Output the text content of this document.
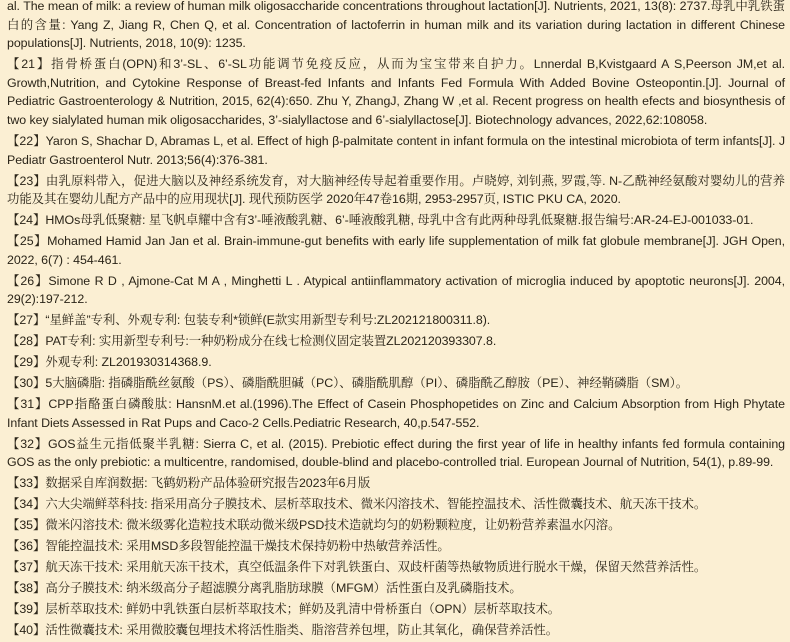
al. The mean of milk: a review of human milk oligosaccharide concentrations throughout lactation[J]. Nutrients, 2021, 13(8): 2737.母乳中乳铁蛋白的含量: Yang Z, Jiang R, Chen Q, et al. Concentration of lactoferrin in human milk and its variation during lactation in different Chinese populations[J]. Nutrients, 2018, 10(9): 1235.
【21】指骨桥蛋白(OPN)和3’-SL、6’-SL功能调节免疫反应，从而为宝宝带来自护力。Lnnerdal B,Kvistgaard A S,Peerson JM,et al. Growth,Nutrition, and Cytokine Response of Breast-fed Infants and Infants Fed Formula With Added Bovine Osteopontin.[J]. Journal of Pediatric Gastroenterology & Nutrition, 2015, 62(4):650. Zhu Y, ZhangJ, Zhang W ,et al. Recent progress on health efects and biosynthesis of two key sialylated human mik oligosaccharides, 3’-sialyllactose and 6’-sialyllactose[J]. Biotechnology advances, 2022,62:108058.
【22】Yaron S, Shachar D, Abramas L, et al. Effect of high β-palmitate content in infant formula on the intestinal microbiota of term infants[J]. J Pediatr Gastroenterol Nutr. 2013;56(4):376-381.
【23】由乳原料带入，促进大脑以及神经系统发育，对大脑神经传导起着重要作用。卢晓婷, 刘钊燕, 罗霞,等. N-乙酰神经氨酸对婴幼儿的营养功能及其在婴幼儿配方产品中的应用现状[J]. 现代预防医学 2020年47卷16期, 2953-2957页, ISTIC PKU CA, 2020.
【24】HMOs母乳低聚糖: 星飞帆卓耀中含有3’-唾液酸乳糖、6’-唾液酸乳糖, 母乳中含有此两种母乳低聚糖.报告编号:AR-24-EJ-001033-01.
【25】Mohamed Hamid Jan Jan et al. Brain-immune-gut benefits with early life supplementation of milk fat globule membrane[J]. JGH Open, 2022, 6(7) : 454-461.
【26】Simone R D , Ajmone-Cat M A , Minghetti L . Atypical antiinflammatory activation of microglia induced by apoptotic neurons[J]. 2004, 29(2):197-212.
【27】“星鲜盖”专利、外观专利: 包装专利*锁鲜(E款实用新型专利号:ZL202121800311.8).
【28】PAT专利: 实用新型专利号:一种奶粉成分在线七检测仪固定装置ZL202120393307.8.
【29】外观专利: ZL201930314368.9.
【30】5大脑磷脂: 指磷脂酰丝氨酸（PS）、磷脂酰胆碱（PC）、磷脂酰肌醇（PI）、磷脂酰乙醇胺（PE）、神经鞘磷脂（SM）。
【31】CPP指酪蛋白磷酸肽: HansnM.et al.(1996).The Effect of Casein Phosphopetides on Zinc and Calcium Absorption from High Phytate Infant Diets Assessed in Rat Pups and Caco-2 Cells.Pediatric Research, 40,p.547-552.
【32】GOS益生元指低聚半乳糖: Sierra C, et al. (2015). Prebiotic effect during the first year of life in healthy infants fed formula containing GOS as the only prebiotic: a multicentre, randomised, double-blind and placebo-controlled trial. European Journal of Nutrition, 54(1), p.89-99.
【33】数据采自库润数据: 飞鹤奶粉产品体验研究报告2023年6月版
【34】六大尖端鲜萃科技: 指采用高分子膜技术、层析萃取技术、微米闪溶技术、智能控温技术、活性微囊技术、航天冻干技术。
【35】微米闪溶技术: 微米级雾化造粒技术联动微米级PSD技术造就均匀的奶粉颗粒度，让奶粉营养素温水闪溶。
【36】智能控温技术: 采用MSD多段智能控温干燥技术保持奶粉中热敏营养活性。
【37】航天冻干技术: 采用航天冻干技术，真空低温条件下对乳铁蛋白、双歧杆菌等热敏物质进行脱水干燥，保留天然营养活性。
【38】高分子膜技术: 纳米级高分子超滤膜分离乳脂肪球膜（MFGM）活性蛋白及乳磷脂技术。
【39】层析萃取技术: 鲜奶中乳铁蛋白层析萃取技术；鲜奶及乳清中骨桥蛋白（OPN）层析萃取技术。
【40】活性微囊技术: 采用微胶囊包埋技术将活性脂类、脂溶营养包埋，防止其氧化，确保营养活性。
